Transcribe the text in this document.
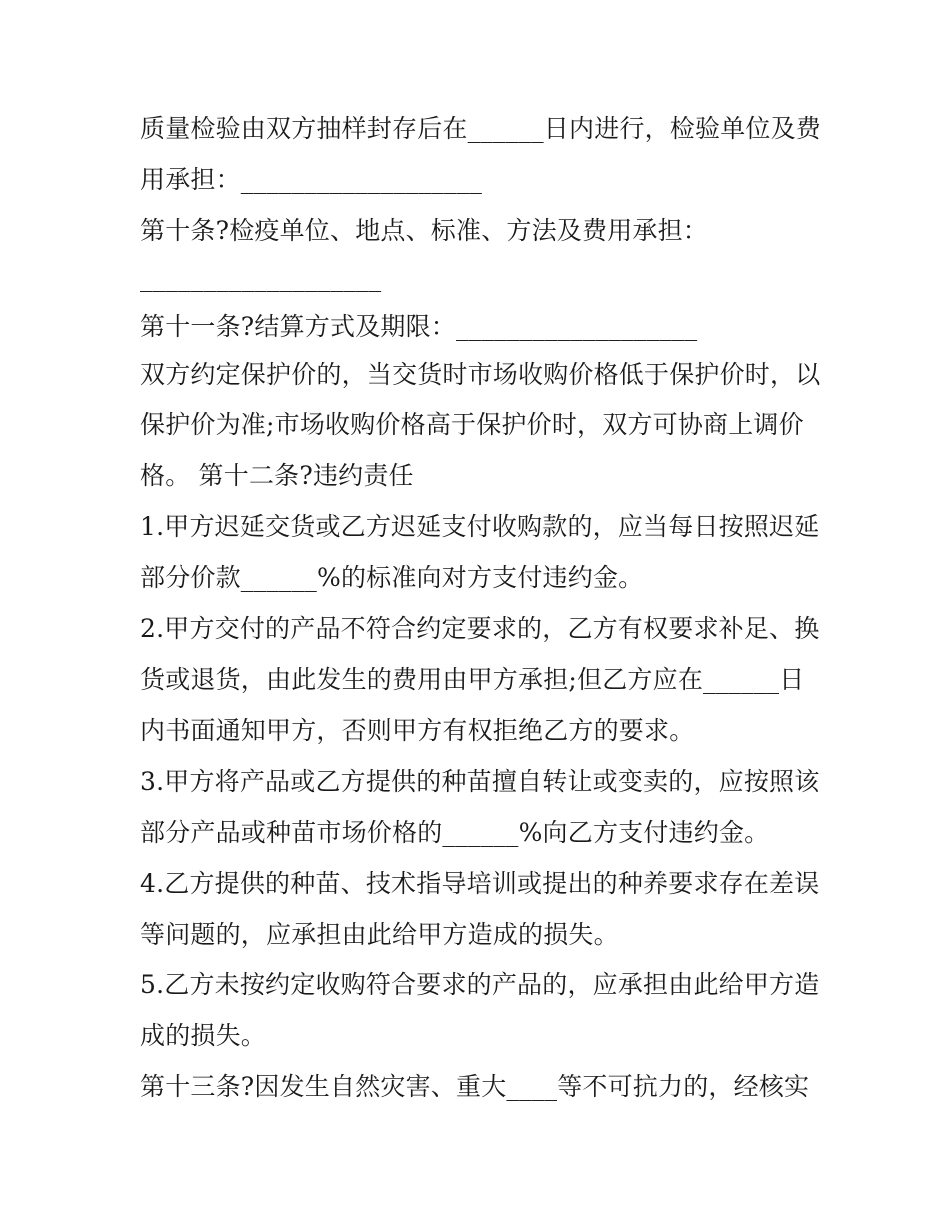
质量检验由双方抽样封存后在______日内进行，检验单位及费
用承担：___________________
第十条?检疫单位、地点、标准、方法及费用承担：
___________________
第十一条?结算方式及期限：___________________
双方约定保护价的，当交货时市场收购价格低于保护价时，以
保护价为准;市场收购价格高于保护价时，双方可协商上调价
格。 第十二条?违约责任
1.甲方迟延交货或乙方迟延支付收购款的，应当每日按照迟延
部分价款______%的标准向对方支付违约金。
2.甲方交付的产品不符合约定要求的，乙方有权要求补足、换
货或退货，由此发生的费用由甲方承担;但乙方应在______日
内书面通知甲方，否则甲方有权拒绝乙方的要求。
3.甲方将产品或乙方提供的种苗擅自转让或变卖的，应按照该
部分产品或种苗市场价格的______%向乙方支付违约金。
4.乙方提供的种苗、技术指导培训或提出的种养要求存在差误
等问题的，应承担由此给甲方造成的损失。
5.乙方未按约定收购符合要求的产品的，应承担由此给甲方造
成的损失。
第十三条?因发生自然灾害、重大____等不可抗力的，经核实
